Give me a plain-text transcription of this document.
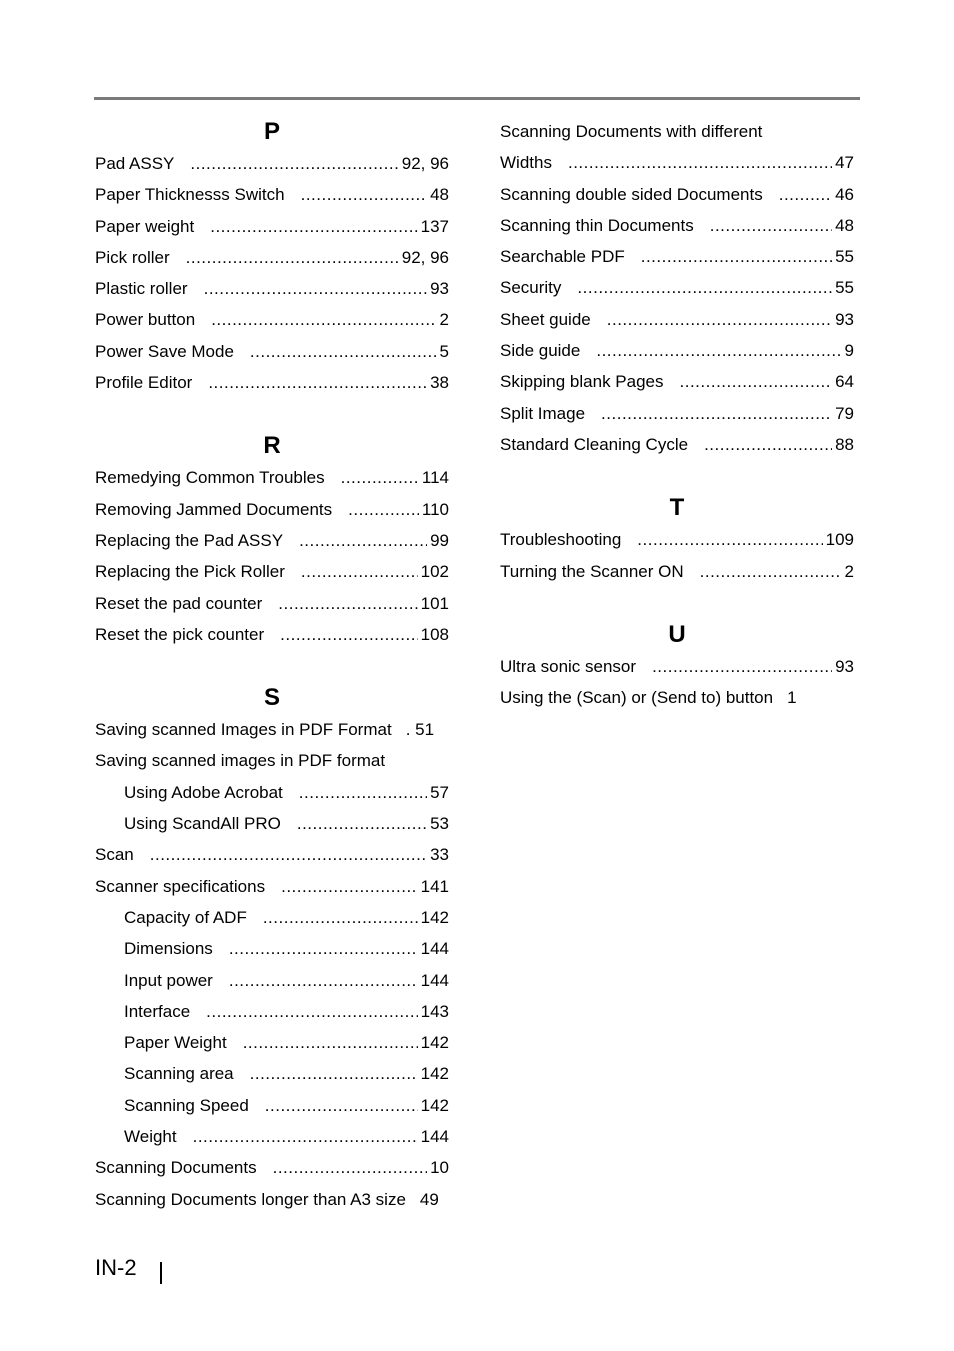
P
Pad ASSY .....	92, 96
Paper Thicknesss Switch .....	48
Paper weight .....	137
Pick roller .....	92, 96
Plastic roller .....	93
Power button .....	2
Power Save Mode .....	5
Profile Editor .....	38
R
Remedying Common Troubles .....	114
Removing Jammed Documents .....	110
Replacing the Pad ASSY .....	99
Replacing the Pick Roller .....	102
Reset the pad counter .....	101
Reset the pick counter .....	108
S
Saving scanned Images in PDF Format . 51
Saving scanned images in PDF format
Using Adobe Acrobat .....	57
Using ScandAll PRO .....	53
Scan .....	33
Scanner specifications .....	141
Capacity of ADF .....	142
Dimensions .....	144
Input power .....	144
Interface .....	143
Paper Weight .....	142
Scanning area .....	142
Scanning Speed .....	142
Weight .....	144
Scanning Documents .....	10
Scanning Documents longer than A3 size 49
Scanning Documents with different
Widths .....	47
Scanning double sided Documents .....	46
Scanning thin Documents .....	48
Searchable PDF .....	55
Security .....	55
Sheet guide .....	93
Side guide .....	9
Skipping blank Pages .....	64
Split Image .....	79
Standard Cleaning Cycle .....	88
T
Troubleshooting .....	109
Turning the Scanner ON .....	2
U
Ultra sonic sensor .....	93
Using the (Scan) or (Send to) button 1
IN-2
